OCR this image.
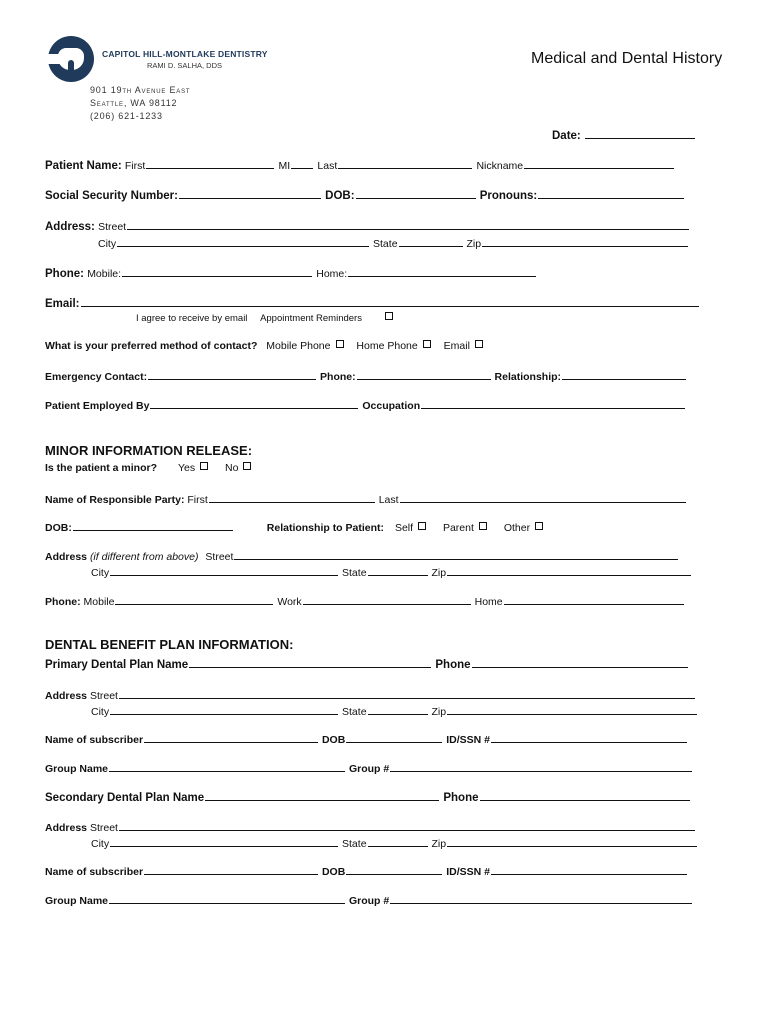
CAPITOL HILL-MONTLAKE DENTISTRY
RAMI D. SALHA, DDS
901 19th Avenue East
Seattle, WA 98112
(206) 621-1233
Medical and Dental History
Date:
Patient Name: First	MI	Last	Nickname
Social Security Number:	DOB:	Pronouns:
Address: Street
City	State	Zip
Phone: Mobile:	Home:
Email:
I agree to receive by email Appointment Reminders
What is your preferred method of contact? Mobile Phone Home Phone Email
Emergency Contact:	Phone:	Relationship:
Patient Employed By	Occupation
MINOR INFORMATION RELEASE:
Is the patient a minor? Yes	No
Name of Responsible Party: First	Last
DOB:	Relationship to Patient: Self	Parent	Other
Address (if different from above) Street
City	State	Zip
Phone: Mobile	Work	Home
DENTAL BENEFIT PLAN INFORMATION:
Primary Dental Plan Name	Phone
Address Street
City	State	Zip
Name of subscriber	DOB	ID/SSN #
Group Name	Group #
Secondary Dental Plan Name	Phone
Address Street
City	State	Zip
Name of subscriber	DOB	ID/SSN #
Group Name	Group #
